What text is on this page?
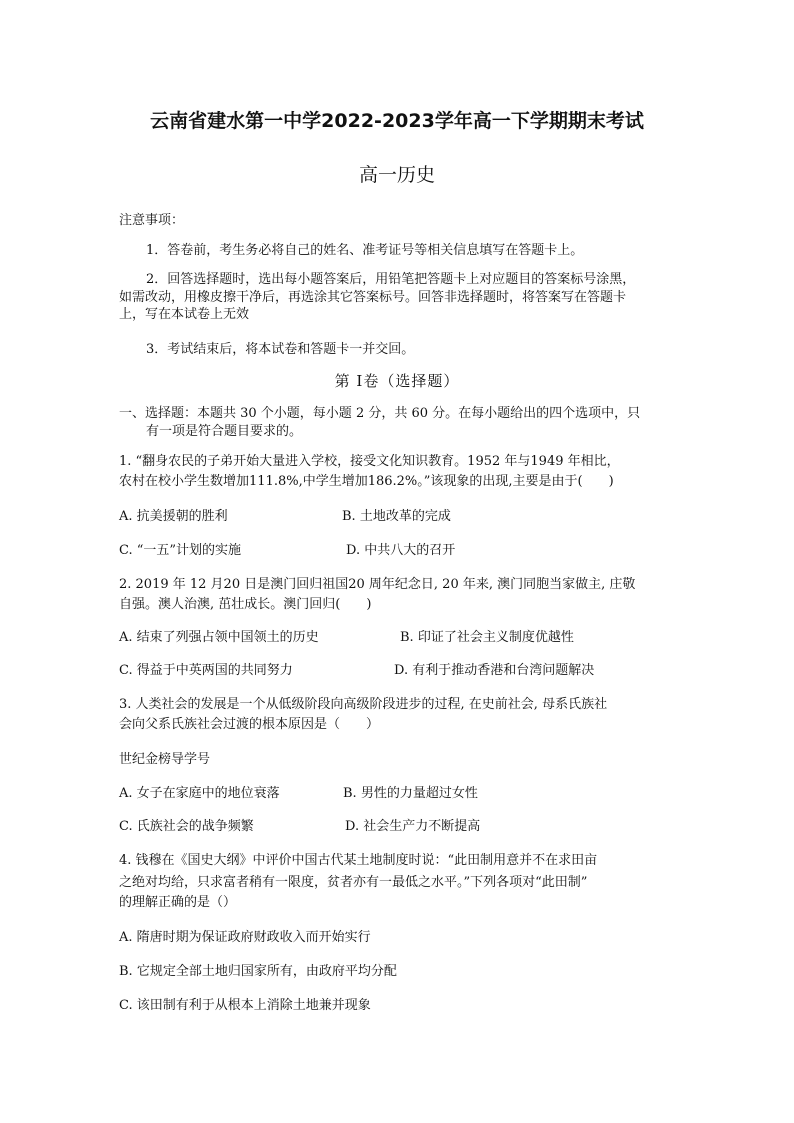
云南省建水第一中学2022-2023学年高一下学期期末考试
高一历史
注意事项：
1．答卷前，考生务必将自己的姓名、准考证号等相关信息填写在答题卡上。
2．回答选择题时，选出每小题答案后，用铅笔把答题卡上对应题目的答案标号涂黑，
如需改动，用橡皮擦干净后，再选涂其它答案标号。回答非选择题时，将答案写在答题卡
上，写在本试卷上无效
3．考试结束后，将本试卷和答题卡一并交回。
第 Ⅰ卷（选择题）
一、选择题：本题共 30 个小题，每小题 2 分，共 60 分。在每小题给出的四个选项中，只
有一项是符合题目要求的。
1. “翻身农民的子弟开始大量进入学校，接受文化知识教育。1952 年与1949 年相比，
农村在校小学生数增加111.8%,中学生增加186.2%。”该现象的出现,主要是由于(　　)
A. 抗美援朝的胜利	B. 土地改革的完成
C. “一五”计划的实施	D. 中共八大的召开
2. 2019 年 12 月20 日是澳门回归祖国20 周年纪念日, 20 年来, 澳门同胞当家做主, 庄敬
自强。澳人治澳, 茁壮成长。澳门回归(　　)
A. 结束了列强占领中国领土的历史	B. 印证了社会主义制度优越性
C. 得益于中英两国的共同努力	D. 有利于推动香港和台湾问题解决
3. 人类社会的发展是一个从低级阶段向高级阶段进步的过程, 在史前社会, 母系氏族社
会向父系氏族社会过渡的根本原因是（　　）
世纪金榜导学号
A. 女子在家庭中的地位衰落	B. 男性的力量超过女性
C. 氏族社会的战争频繁	D. 社会生产力不断提高
4. 钱穆在《国史大纲》中评价中国古代某土地制度时说：“此田制用意并不在求田亩
之绝对均给，只求富者稍有一限度，贫者亦有一最低之水平。”下列各项对“此田制”
的理解正确的是（）
A. 隋唐时期为保证政府财政收入而开始实行
B. 它规定全部土地归国家所有，由政府平均分配
C. 该田制有利于从根本上消除土地兼并现象
